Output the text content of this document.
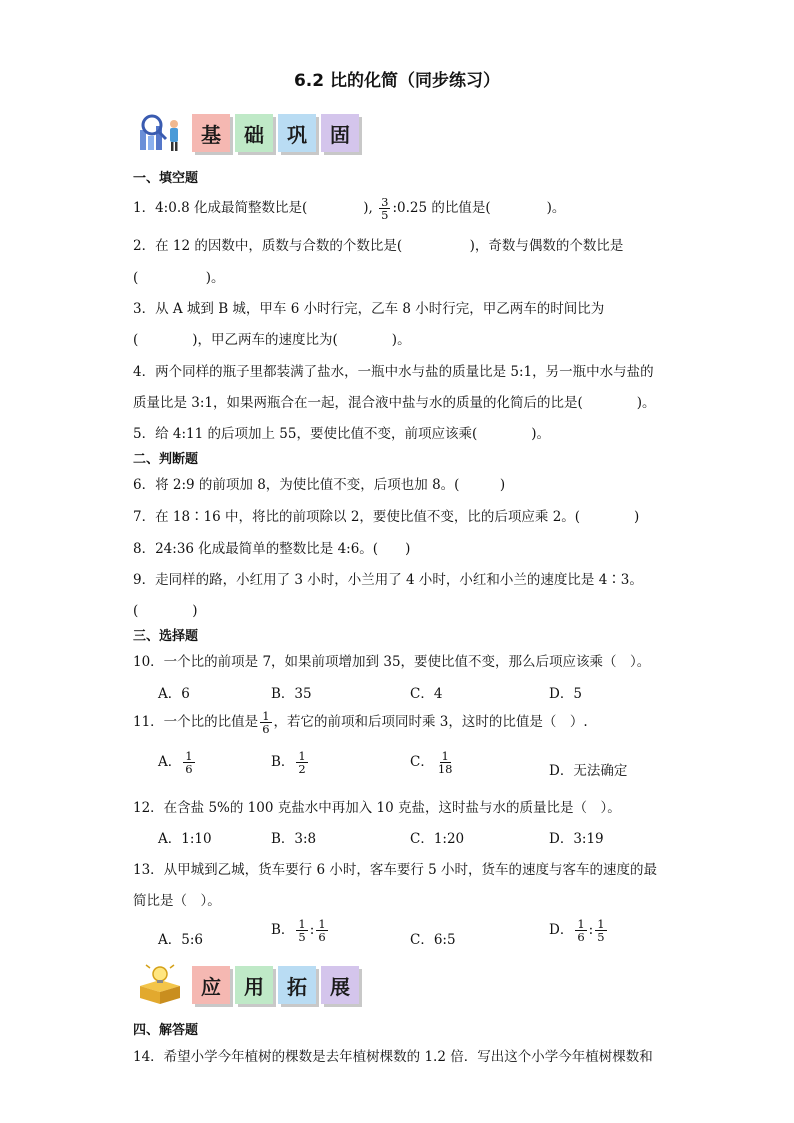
6.2 比的化简（同步练习）
基	础	巩	固
一、填空题
1．4:0.8 化成最简整数比是(	), $\frac{3}{5}$ :0.25 的比值是(	)。
2．在 12 的因数中，质数与合数的个数比是(　　　　　)，奇数与偶数的个数比是
(　　　　　)。
3．从 A 城到 B 城，甲车 6 小时行完，乙车 8 小时行完，甲乙两车的时间比为
(　　　　)，甲乙两车的速度比为(　　　　)。
4．两个同样的瓶子里都装满了盐水，一瓶中水与盐的质量比是 5:1，另一瓶中水与盐的
质量比是 3:1，如果两瓶合在一起，混合液中盐与水的质量的化简后的比是(　　　　)。
5．给 4:11 的后项加上 55，要使比值不变，前项应该乘(　　　　)。
二、判断题
6．将 2:9 的前项加 8，为使比值不变，后项也加 8。(　　　)
7．在 18∶16 中，将比的前项除以 2，要使比值不变，比的后项应乘 2。(　　　　)
8．24:36 化成最简单的整数比是 4:6。(　　)
9．走同样的路，小红用了 3 小时，小兰用了 4 小时，小红和小兰的速度比是 4∶3。
(　　　　)
三、选择题
10．一个比的前项是 7，如果前项增加到 35，要使比值不变，那么后项应该乘（　）。
A．6	B．35	C．4	D．5
11．一个比的比值是 $\frac{1}{6}$ ，若它的前项和后项同时乘 3，这时的比值是（　）.
A． $\frac{1}{6}$	B． $\frac{1}{2}$	C． $\frac{1}{18}$	D．无法确定
12．在含盐 5%的 100 克盐水中再加入 10 克盐，这时盐与水的质量比是（　）。
A．1:10	B．3:8	C．1:20	D．3:19
13．从甲城到乙城，货车要行 6 小时，客车要行 5 小时，货车的速度与客车的速度的最
简比是（　）。
A．5:6
B． $\frac{1}{5}$ : $\frac{1}{6}$	C．6:5
D． $\frac{1}{6}$ : $\frac{1}{5}$
应	用	拓	展
四、解答题
14．希望小学今年植树的棵数是去年植树棵数的 1.2 倍．写出这个小学今年植树棵数和
